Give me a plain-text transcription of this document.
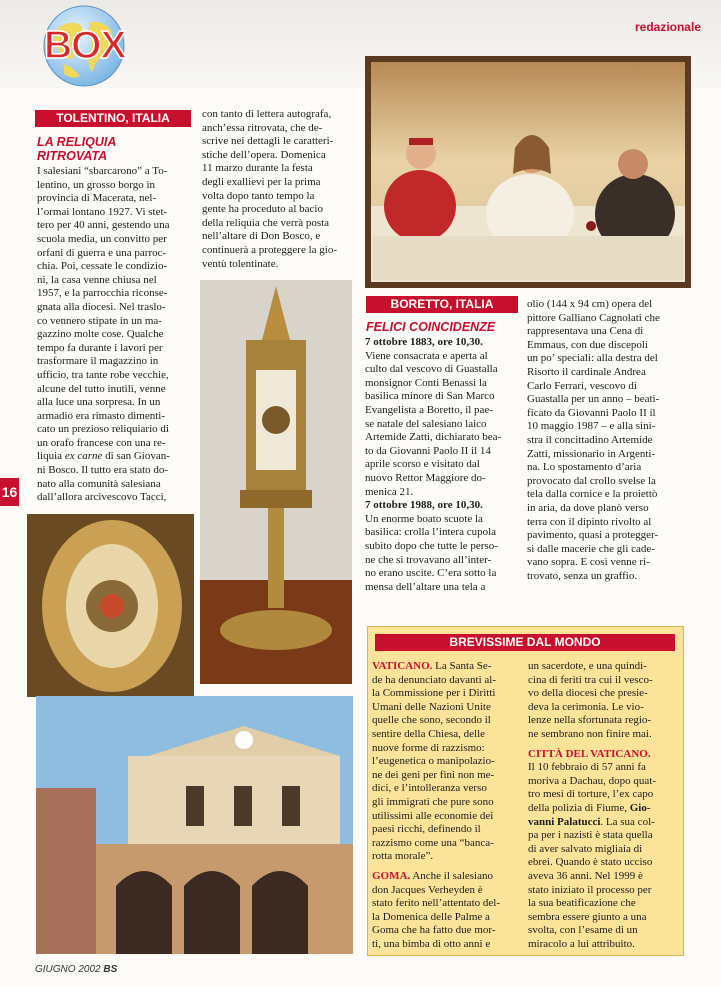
BOX	redazionale
16
TOLENTINO, ITALIA
LA RELIQUIA
RITROVATA

I salesiani “sbarcarono” a To-

lentino, un grosso borgo in

provincia di Macerata, nel-

l’ormai lontano 1927. Vi stet-

tero per 40 anni, gestendo una

scuola media, un convitto per

orfani di guerra e una parroc-

chia. Poi, cessate le condizio-

ni, la casa venne chiusa nel

1957, e la parrocchia riconse-

gnata alla diocesi. Nel traslo-

co vennero stipate in un ma-

gazzino molte cose. Qualche

tempo fa durante i lavori per

trasformare il magazzino in

ufficio, tra tante robe vecchie,

alcune del tutto inutili, venne

alla luce una sorpresa. In un

armadio era rimasto dimenti-

cato un prezioso reliquiario di

un orafo francese con una re-

liquia ex carne di san Giovan-

ni Bosco. Il tutto era stato do-

nato alla comunità salesiana

dall’allora arcivescovo Tacci,

con tanto di lettera autografa,

anch’essa ritrovata, che de-

scrive nei dettagli le caratteri-

stiche dell’opera. Domenica

11 marzo durante la festa

degli exallievi per la prima

volta dopo tanto tempo la

gente ha proceduto al bacio

della reliquia che verrà posta

nell’altare di Don Bosco, e

continuerà a proteggere la gio-

ventù tolentinate.

BORETTO, ITALIA
FELICI COINCIDENZE

7 ottobre 1883, ore 10,30.

Viene consacrata e aperta al

culto dal vescovo di Guastalla

monsignor Conti Benassi la

basilica minore di San Marco

Evangelista a Boretto, il pae-

se natale del salesiano laico

Artemide Zatti, dichiarato bea-

to da Giovanni Paolo II il 14

aprile scorso e visitato dal

nuovo Rettor Maggiore do-

menica 21.

7 ottobre 1988, ore 10,30.

Un enorme boato scuote la

basilica: crolla l’intera cupola

subito dopo che tutte le perso-

ne che si trovavano all’inter-

no erano uscite. C’era sotto la

mensa dell’altare una tela a

olio (144 x 94 cm) opera del

pittore Galliano Cagnolati che

rappresentava una Cena di

Emmaus, con due discepoli

un po’ speciali: alla destra del

Risorto il cardinale Andrea

Carlo Ferrari, vescovo di

Guastalla per un anno – beati-

ficato da Giovanni Paolo II il

10 maggio 1987 – e alla sini-

stra il concittadino Artemide

Zatti, missionario in Argenti-

na. Lo spostamento d’aria

provocato dal crollo svelse la

tela dalla cornice e la proiettò

in aria, da dove planò verso

terra con il dipinto rivolto al

pavimento, quasi a protegger-

si dalle macerie che gli cade-

vano sopra. E così venne ri-

trovato, senza un graffio.

BREVISSIME DAL MONDO

VATICANO. La Santa Se-

de ha denunciato davanti al-

la Commissione per i Diritti

Umani delle Nazioni Unite

quelle che sono, secondo il

sentire della Chiesa, delle

nuove forme di razzismo:

l’eugenetica o manipolazio-

ne dei geni per fini non me-

dici, e l’intolleranza verso

gli immigrati che pure sono

utilissimi alle economie dei

paesi ricchi, definendo il

razzismo come una “banca-

rotta morale”.

GOMA. Anche il salesiano

don Jacques Verheyden è

stato ferito nell’attentato del-

la Domenica delle Palme a

Goma che ha fatto due mor-

ti, una bimba di otto anni e

un sacerdote, e una quindi-

cina di feriti tra cui il vesco-

vo della diocesi che presie-

deva la cerimonia. Le vio-

lenze nella sfortunata regio-

ne sembrano non finire mai.

CITTÀ DEL VATICANO.

Il 10 febbraio di 57 anni fa

moriva a Dachau, dopo quat-

tro mesi di torture, l’ex capo

della polizia di Fiume, Gio-

vanni Palatucci. La sua col-

pa per i nazisti è stata quella

di aver salvato migliaia di

ebrei. Quando è stato ucciso

aveva 36 anni. Nel 1999 è

stato iniziato il processo per

la sua beatificazione che

sembra essere giunto a una

svolta, con l’esame di un

miracolo a lui attribuito.

GIUGNO 2002 BS
